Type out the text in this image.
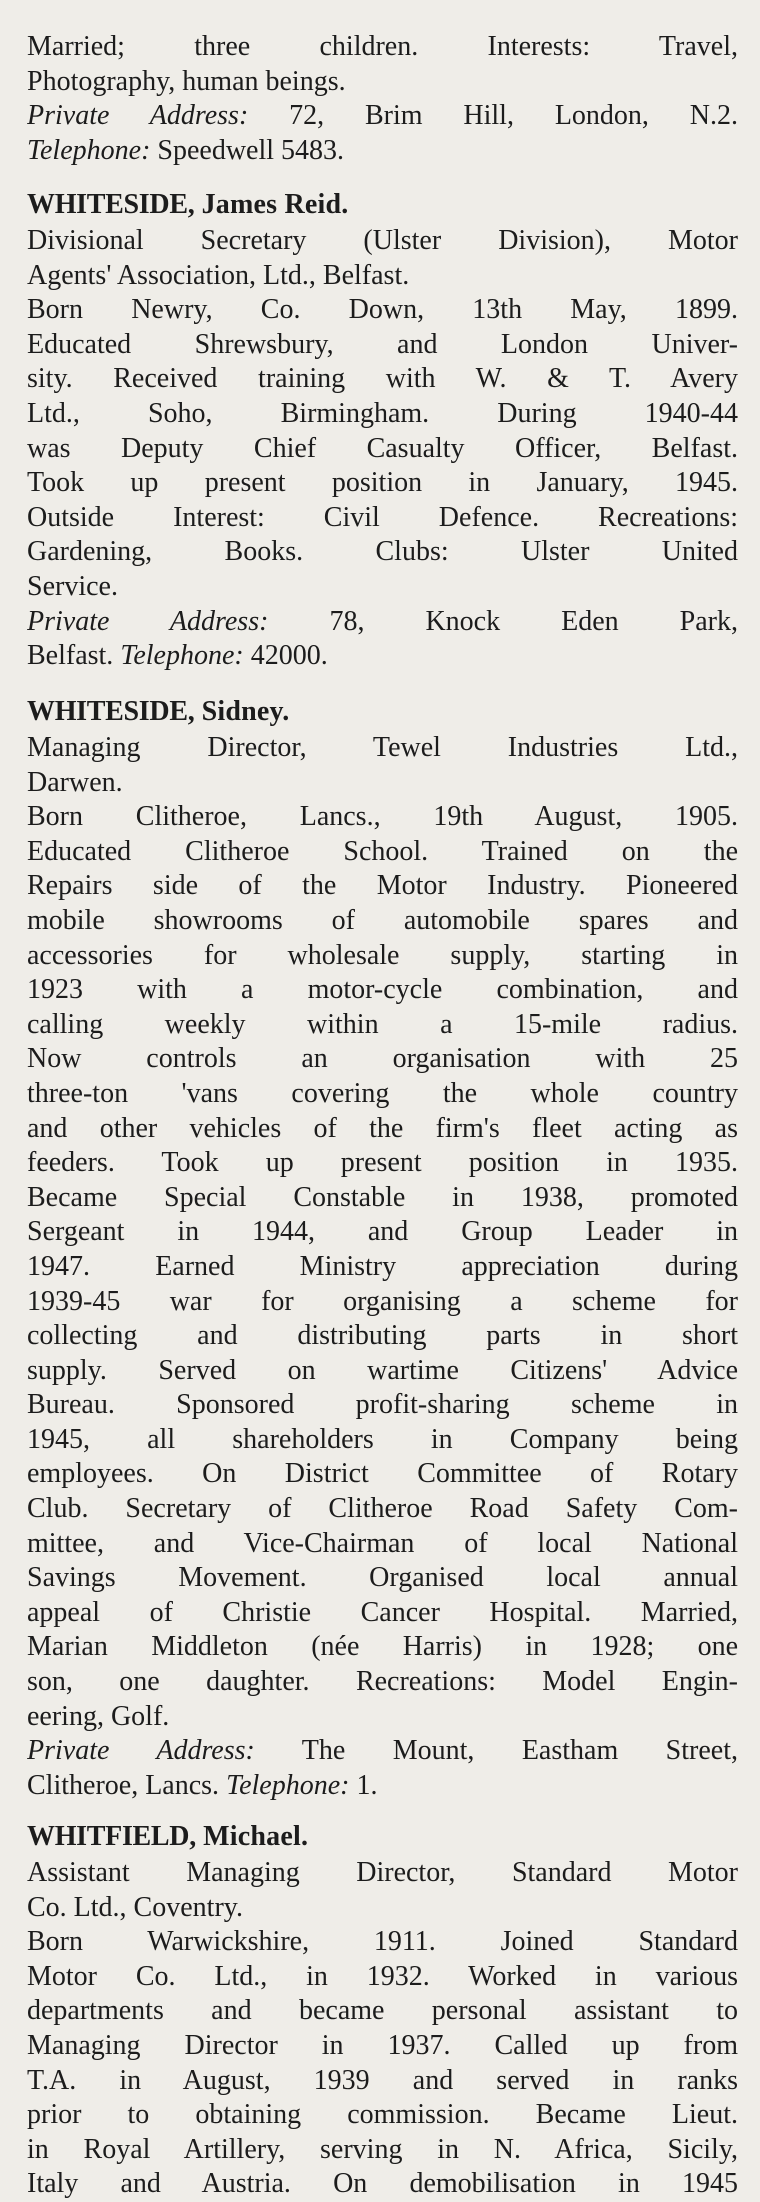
Married; three children. Interests: Travel,
Photography, human beings.
Private Address: 72, Brim Hill, London, N.2.
Telephone: Speedwell 5483.
WHITESIDE, James Reid.
Divisional Secretary (Ulster Division), Motor
Agents' Association, Ltd., Belfast.
Born Newry, Co. Down, 13th May, 1899.
Educated Shrewsbury, and London Univer-
sity. Received training with W. & T. Avery
Ltd., Soho, Birmingham. During 1940-44
was Deputy Chief Casualty Officer, Belfast.
Took up present position in January, 1945.
Outside Interest: Civil Defence. Recreations:
Gardening, Books. Clubs: Ulster United
Service.
Private Address: 78, Knock Eden Park,
Belfast. Telephone: 42000.
WHITESIDE, Sidney.
Managing Director, Tewel Industries Ltd.,
Darwen.
Born Clitheroe, Lancs., 19th August, 1905.
Educated Clitheroe School. Trained on the
Repairs side of the Motor Industry. Pioneered
mobile showrooms of automobile spares and
accessories for wholesale supply, starting in
1923 with a motor-cycle combination, and
calling weekly within a 15-mile radius.
Now controls an organisation with 25
three-ton 'vans covering the whole country
and other vehicles of the firm's fleet acting as
feeders. Took up present position in 1935.
Became Special Constable in 1938, promoted
Sergeant in 1944, and Group Leader in
1947. Earned Ministry appreciation during
1939-45 war for organising a scheme for
collecting and distributing parts in short
supply. Served on wartime Citizens' Advice
Bureau. Sponsored profit-sharing scheme in
1945, all shareholders in Company being
employees. On District Committee of Rotary
Club. Secretary of Clitheroe Road Safety Com-
mittee, and Vice-Chairman of local National
Savings Movement. Organised local annual
appeal of Christie Cancer Hospital. Married,
Marian Middleton (née Harris) in 1928; one
son, one daughter. Recreations: Model Engin-
eering, Golf.
Private Address: The Mount, Eastham Street,
Clitheroe, Lancs. Telephone: 1.
WHITFIELD, Michael.
Assistant Managing Director, Standard Motor
Co. Ltd., Coventry.
Born Warwickshire, 1911. Joined Standard
Motor Co. Ltd., in 1932. Worked in various
departments and became personal assistant to
Managing Director in 1937. Called up from
T.A. in August, 1939 and served in ranks
prior to obtaining commission. Became Lieut.
in Royal Artillery, serving in N. Africa, Sicily,
Italy and Austria. On demobilisation in 1945
